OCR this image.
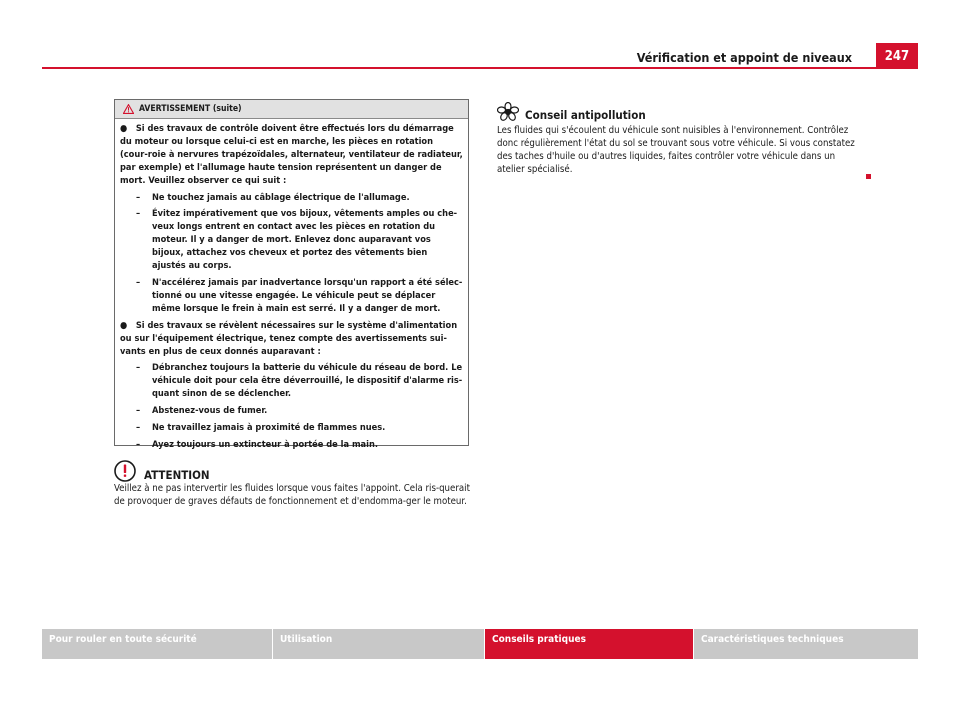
Vérification et appoint de niveaux	247
AVERTISSEMENT (suite)

●   Si des travaux de contrôle doivent être effectués lors du démarrage du moteur ou lorsque celui-ci est en marche, les pièces en rotation (cour-roie à nervures trapézoïdales, alternateur, ventilateur de radiateur, par exemple) et l'allumage haute tension représentent un danger de mort. Veuillez observer ce qui suit :

– Ne touchez jamais au câblage électrique de l'allumage.
– Évitez impérativement que vos bijoux, vêtements amples ou che-veux longs entrent en contact avec les pièces en rotation du moteur. Il y a danger de mort. Enlevez donc auparavant vos bijoux, attachez vos cheveux et portez des vêtements bien ajustés au corps.
– N'accélérez jamais par inadvertance lorsqu'un rapport a été sélec-tionné ou une vitesse engagée. Le véhicule peut se déplacer même lorsque le frein à main est serré. Il y a danger de mort.

●   Si des travaux se révèlent nécessaires sur le système d'alimentation ou sur l'équipement électrique, tenez compte des avertissements sui-vants en plus de ceux donnés auparavant :

– Débranchez toujours la batterie du véhicule du réseau de bord. Le véhicule doit pour cela être déverrouillé, le dispositif d'alarme ris-quant sinon de se déclencher.
– Abstenez-vous de fumer.
– Ne travaillez jamais à proximité de flammes nues.
– Ayez toujours un extincteur à portée de la main.
ATTENTION
Veillez à ne pas intervertir les fluides lorsque vous faites l'appoint. Cela ris-querait de provoquer de graves défauts de fonctionnement et d'endomma-ger le moteur.
Conseil antipollution
Les fluides qui s'écoulent du véhicule sont nuisibles à l'environnement. Contrôlez donc régulièrement l'état du sol se trouvant sous votre véhicule. Si vous constatez des taches d'huile ou d'autres liquides, faites contrôler votre véhicule dans un atelier spécialisé.
Pour rouler en toute sécurité	Utilisation	Conseils pratiques	Caractéristiques techniques
